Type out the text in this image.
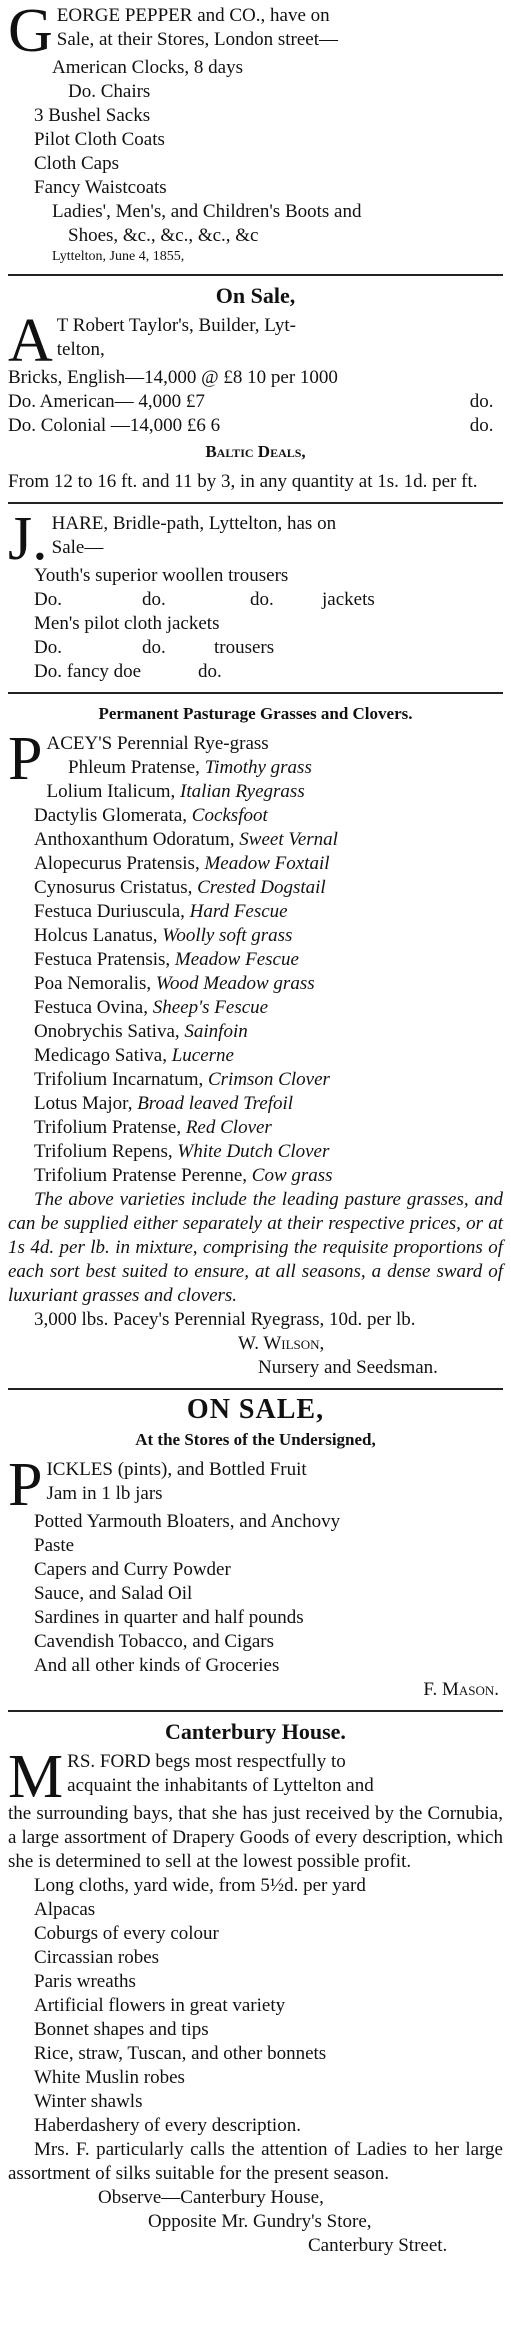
G EORGE PEPPER and CO., have on

Sale, at their Stores, London street—

American Clocks, 8 days

Do. Chairs

3 Bushel Sacks

Pilot Cloth Coats

Cloth Caps

Fancy Waistcoats

Ladies', Men's, and Children's Boots and

Shoes, &c., &c., &c., &c

Lyttelton, June 4, 1855,

On Sale,
A T Robert Taylor's, Builder, Lyt-

telton,

Bricks, English—14,000 @ £8 10 per 1000	
Do. American— 4,000 £7	do.
Do. Colonial —14,000 £6 6	do.
Baltic Deals,

From 12 to 16 ft. and 11 by 3, in any quantity at 1s. 1d. per ft.

J. HARE, Bridle-path, Lyttelton, has on

Sale—

Youth's superior woollen trousers

Do.	do.	do.	jackets

Men's pilot cloth jackets

Do.	do.	trousers

Do. fancy doe	do.

Permanent Pasturage Grasses and Clovers.
P ACEY'S Perennial Rye-grass

Phleum Pratense, Timothy grass

Lolium Italicum, Italian Ryegrass

Dactylis Glomerata, Cocksfoot

Anthoxanthum Odoratum, Sweet Vernal

Alopecurus Pratensis, Meadow Foxtail

Cynosurus Cristatus, Crested Dogstail

Festuca Duriuscula, Hard Fescue

Holcus Lanatus, Woolly soft grass

Festuca Pratensis, Meadow Fescue

Poa Nemoralis, Wood Meadow grass

Festuca Ovina, Sheep's Fescue

Onobrychis Sativa, Sainfoin

Medicago Sativa, Lucerne

Trifolium Incarnatum, Crimson Clover

Lotus Major, Broad leaved Trefoil

Trifolium Pratense, Red Clover

Trifolium Repens, White Dutch Clover

Trifolium Pratense Perenne, Cow grass

The above varieties include the leading pasture grasses, and can be supplied either separately at their respective prices, or at 1s 4d. per lb. in mixture, comprising the requisite proportions of each sort best suited to ensure, at all seasons, a dense sward of luxuriant grasses and clovers.

3,000 lbs. Pacey's Perennial Ryegrass, 10d. per lb.

W. Wilson,

Nursery and Seedsman.

ON SALE,
At the Stores of the Undersigned,
P ICKLES (pints), and Bottled Fruit

Jam in 1 lb jars

Potted Yarmouth Bloaters, and Anchovy

Paste

Capers and Curry Powder

Sauce, and Salad Oil

Sardines in quarter and half pounds

Cavendish Tobacco, and Cigars

And all other kinds of Groceries

F. Mason.

Canterbury House.
M RS. FORD begs most respectfully to

acquaint the inhabitants of Lyttelton and

the surrounding bays, that she has just received by the Cornubia, a large assortment of Drapery Goods of every description, which she is determined to sell at the lowest possible profit.

Long cloths, yard wide, from 5½d. per yard

Alpacas

Coburgs of every colour

Circassian robes

Paris wreaths

Artificial flowers in great variety

Bonnet shapes and tips

Rice, straw, Tuscan, and other bonnets

White Muslin robes

Winter shawls

Haberdashery of every description.

Mrs. F. particularly calls the attention of Ladies to her large assortment of silks suitable for the present season.

Observe—Canterbury House,

Opposite Mr. Gundry's Store,

Canterbury Street.
